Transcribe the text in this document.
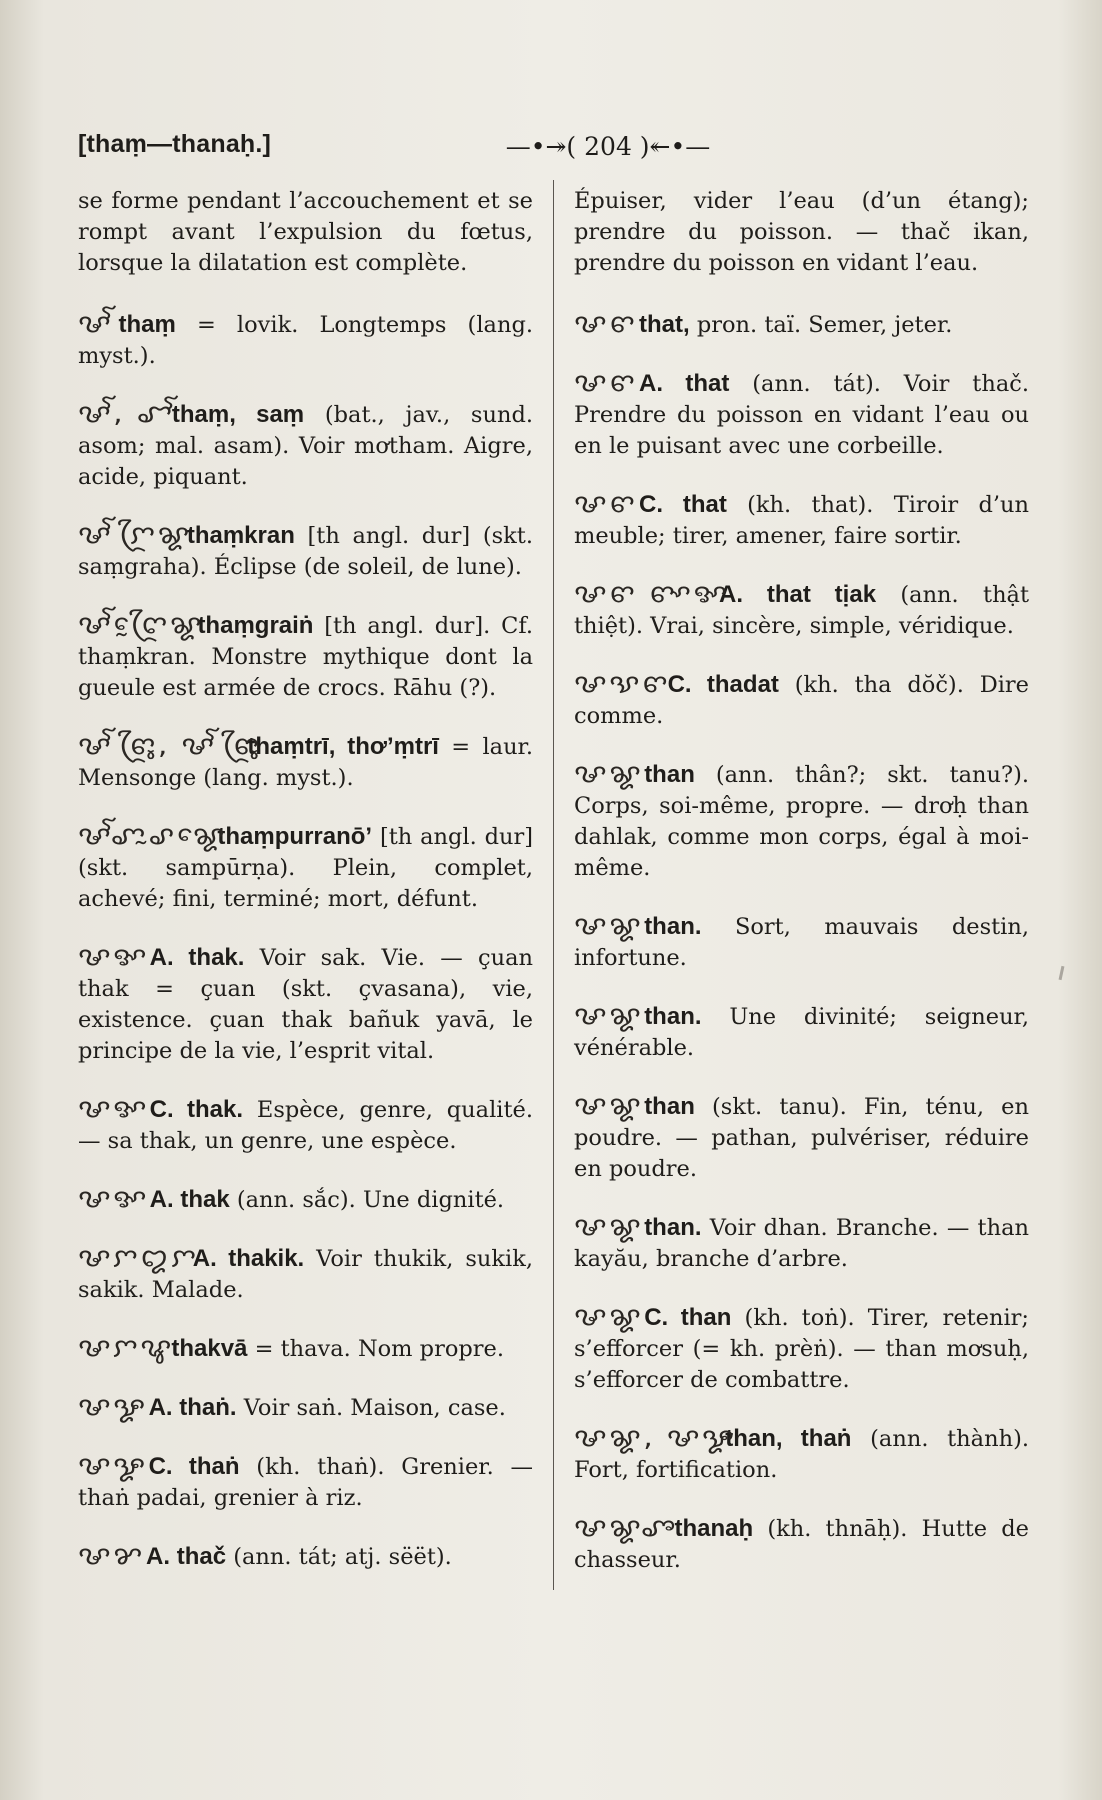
[thaṃ—thanaḥ.]	—•↠( 204 )↞•—

se forme pendant l’accouchement et se rompt avant l’expulsion du fœtus, lorsque la dilatation est complète.

ꨔꨱ thaṃ = lovik. Longtemps (lang. myst.).

ꨔꨱ, ꨧꨱthaṃ, saṃ (bat., jav., sund. asom; mal. asam). Voir mơtham. Aigre, acide, piquant.

ꨔꨱꨆꨴꨘthaṃkran [th angl. dur] (skt. saṃgraha). Éclipse (de soleil, de lune).

ꨔꨱꨈꨴꨰꨘthaṃgraiṅ [th angl. dur]. Cf. thaṃkran. Monstre mythique dont la gueule est armée de crocs. Rāhu (?).

ꨔꨱꨓꨴꨶ, ꨔꨱꨓꨴꨶthaṃtrī, thơ’ṃtrī = laur. Mensonge (lang. myst.).

ꨔꨱꨚꨭꨣꨘꨯthaṃpurranō’ [th angl. dur] (skt. sampūrṇa). Plein, complet, achevé; fini, terminé; mort, défunt.

ꨔꨀA. thak. Voir sak. Vie. — çuan thak = çuan (skt. çvasana), vie, existence. çuan thak bañuk yavā, le principe de la vie, l’esprit vital.

ꨔꨀC. thak. Espèce, genre, qualité. — sa thak, un genre, une espèce.

ꨔꨀA. thak (ann. sắc). Une dignité.

ꨔꨆꨁꨆA. thakik. Voir thukik, sukik, sakik. Malade.

ꨔꨆꨥthakvā = thava. Nom propre.

ꨔꨋA. thaṅ. Voir saṅ. Maison, case.

ꨔꨋC. thaṅ (kh. thaṅ). Grenier. — thaṅ padai, grenier à riz.

ꨔꨌA. thač (ann. tát; atj. sëët).

Épuiser, vider l’eau (d’un étang); prendre du poisson. — thač ikan, prendre du poisson en vidant l’eau.

ꨔꨓthat, pron. taï. Semer, jeter.

ꨔꨓA. that (ann. tát). Voir thač. Prendre du poisson en vidant l’eau ou en le puisant avec une corbeille.

ꨔꨓC. that (kh. that). Tiroir d’un meuble; tirer, amener, faire sortir.

ꨔꨓ ꨓꨳꨀA. that tịak (ann. thật thiệt). Vrai, sincère, simple, véridique.

ꨔꨕꨓC. thadat (kh. tha dŏč). Dire comme.

ꨔꨘthan (ann. thân?; skt. tanu?). Corps, soi-même, propre. — drơḥ than dahlak, comme mon corps, égal à moi-même.

ꨔꨘthan. Sort, mauvais destin, infortune.

ꨔꨘthan. Une divinité; seigneur, vénérable.

ꨔꨘthan (skt. tanu). Fin, ténu, en poudre. — pathan, pulvériser, réduire en poudre.

ꨔꨘthan. Voir dhan. Branche. — than kayău, branche d’arbre.

ꨔꨘC. than (kh. toṅ). Tirer, retenir; s’efforcer (= kh. prèṅ). — than mơsuḥ, s’efforcer de combattre.

ꨔꨘ, ꨔꨋthan, thaṅ (ann. thành). Fort, fortification.

ꨔꨘꨨthanaḥ (kh. thnāḥ). Hutte de chasseur.
